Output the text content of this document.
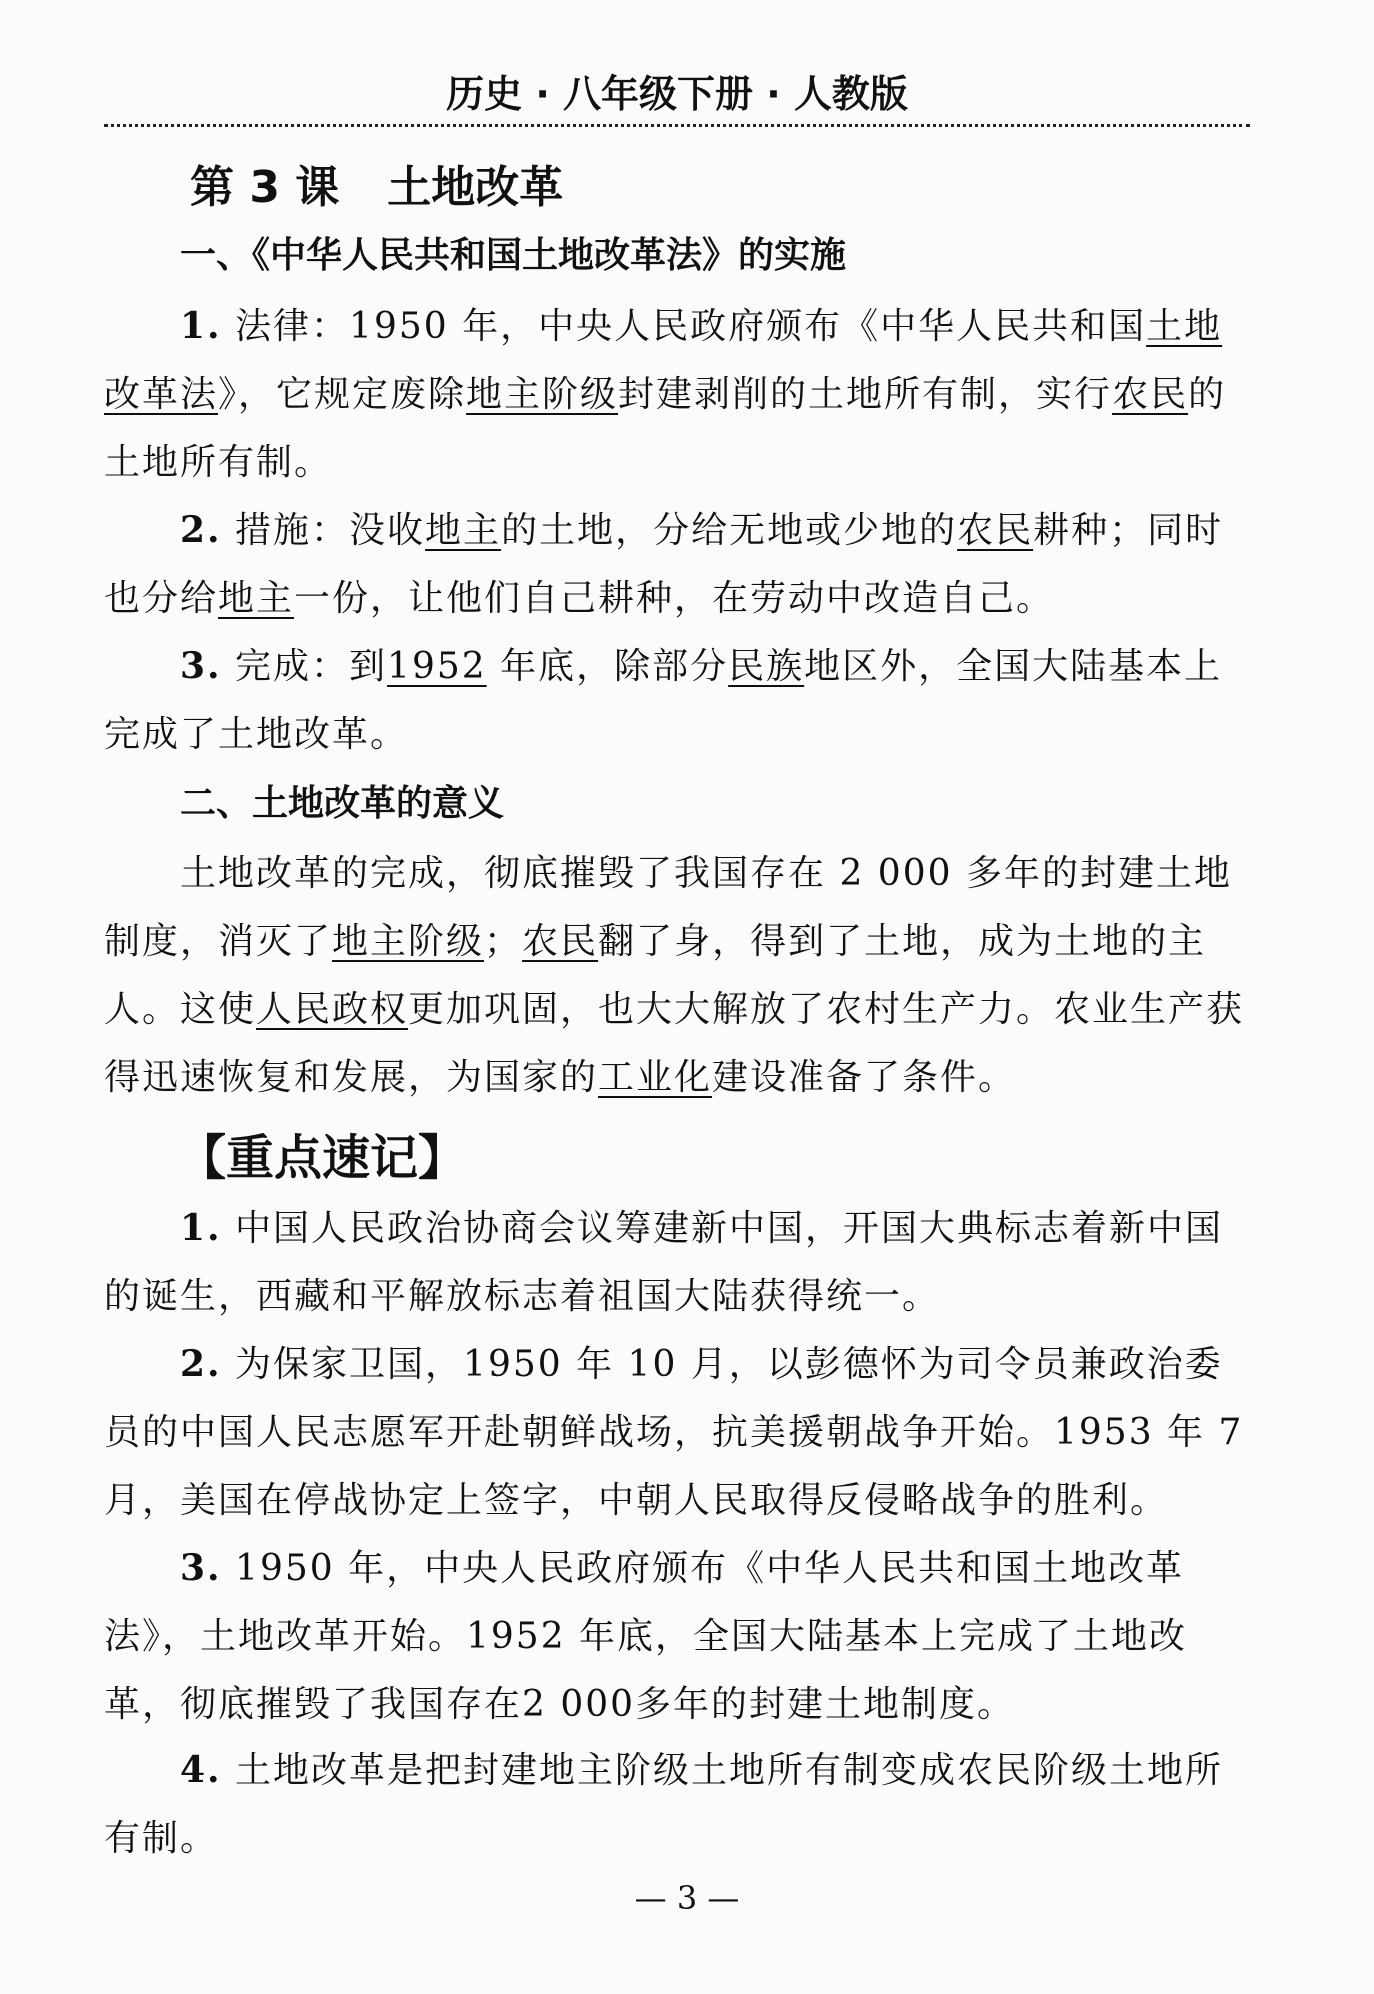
历史 · 八年级下册 · 人教版
第 3 课 土地改革
一、《中华人民共和国土地改革法》的实施
1. 法律：1950 年，中央人民政府颁布《中华人民共和国土地改革法》，它规定废除地主阶级封建剥削的土地所有制，实行农民的土地所有制。
2. 措施：没收地主的土地，分给无地或少地的农民耕种；同时也分给地主一份，让他们自己耕种，在劳动中改造自己。
3. 完成：到1952 年底，除部分民族地区外，全国大陆基本上完成了土地改革。
二、土地改革的意义
土地改革的完成，彻底摧毁了我国存在 2 000 多年的封建土地制度，消灭了地主阶级；农民翻了身，得到了土地，成为土地的主人。这使人民政权更加巩固，也大大解放了农村生产力。农业生产获得迅速恢复和发展，为国家的工业化建设准备了条件。
【重点速记】
1. 中国人民政治协商会议筹建新中国，开国大典标志着新中国的诞生，西藏和平解放标志着祖国大陆获得统一。
2. 为保家卫国，1950 年 10 月，以彭德怀为司令员兼政治委员的中国人民志愿军开赴朝鲜战场，抗美援朝战争开始。1953 年 7 月，美国在停战协定上签字，中朝人民取得反侵略战争的胜利。
3. 1950 年，中央人民政府颁布《中华人民共和国土地改革法》，土地改革开始。1952 年底，全国大陆基本上完成了土地改革，彻底摧毁了我国存在2 000多年的封建土地制度。
4. 土地改革是把封建地主阶级土地所有制变成农民阶级土地所有制。
— 3 —
